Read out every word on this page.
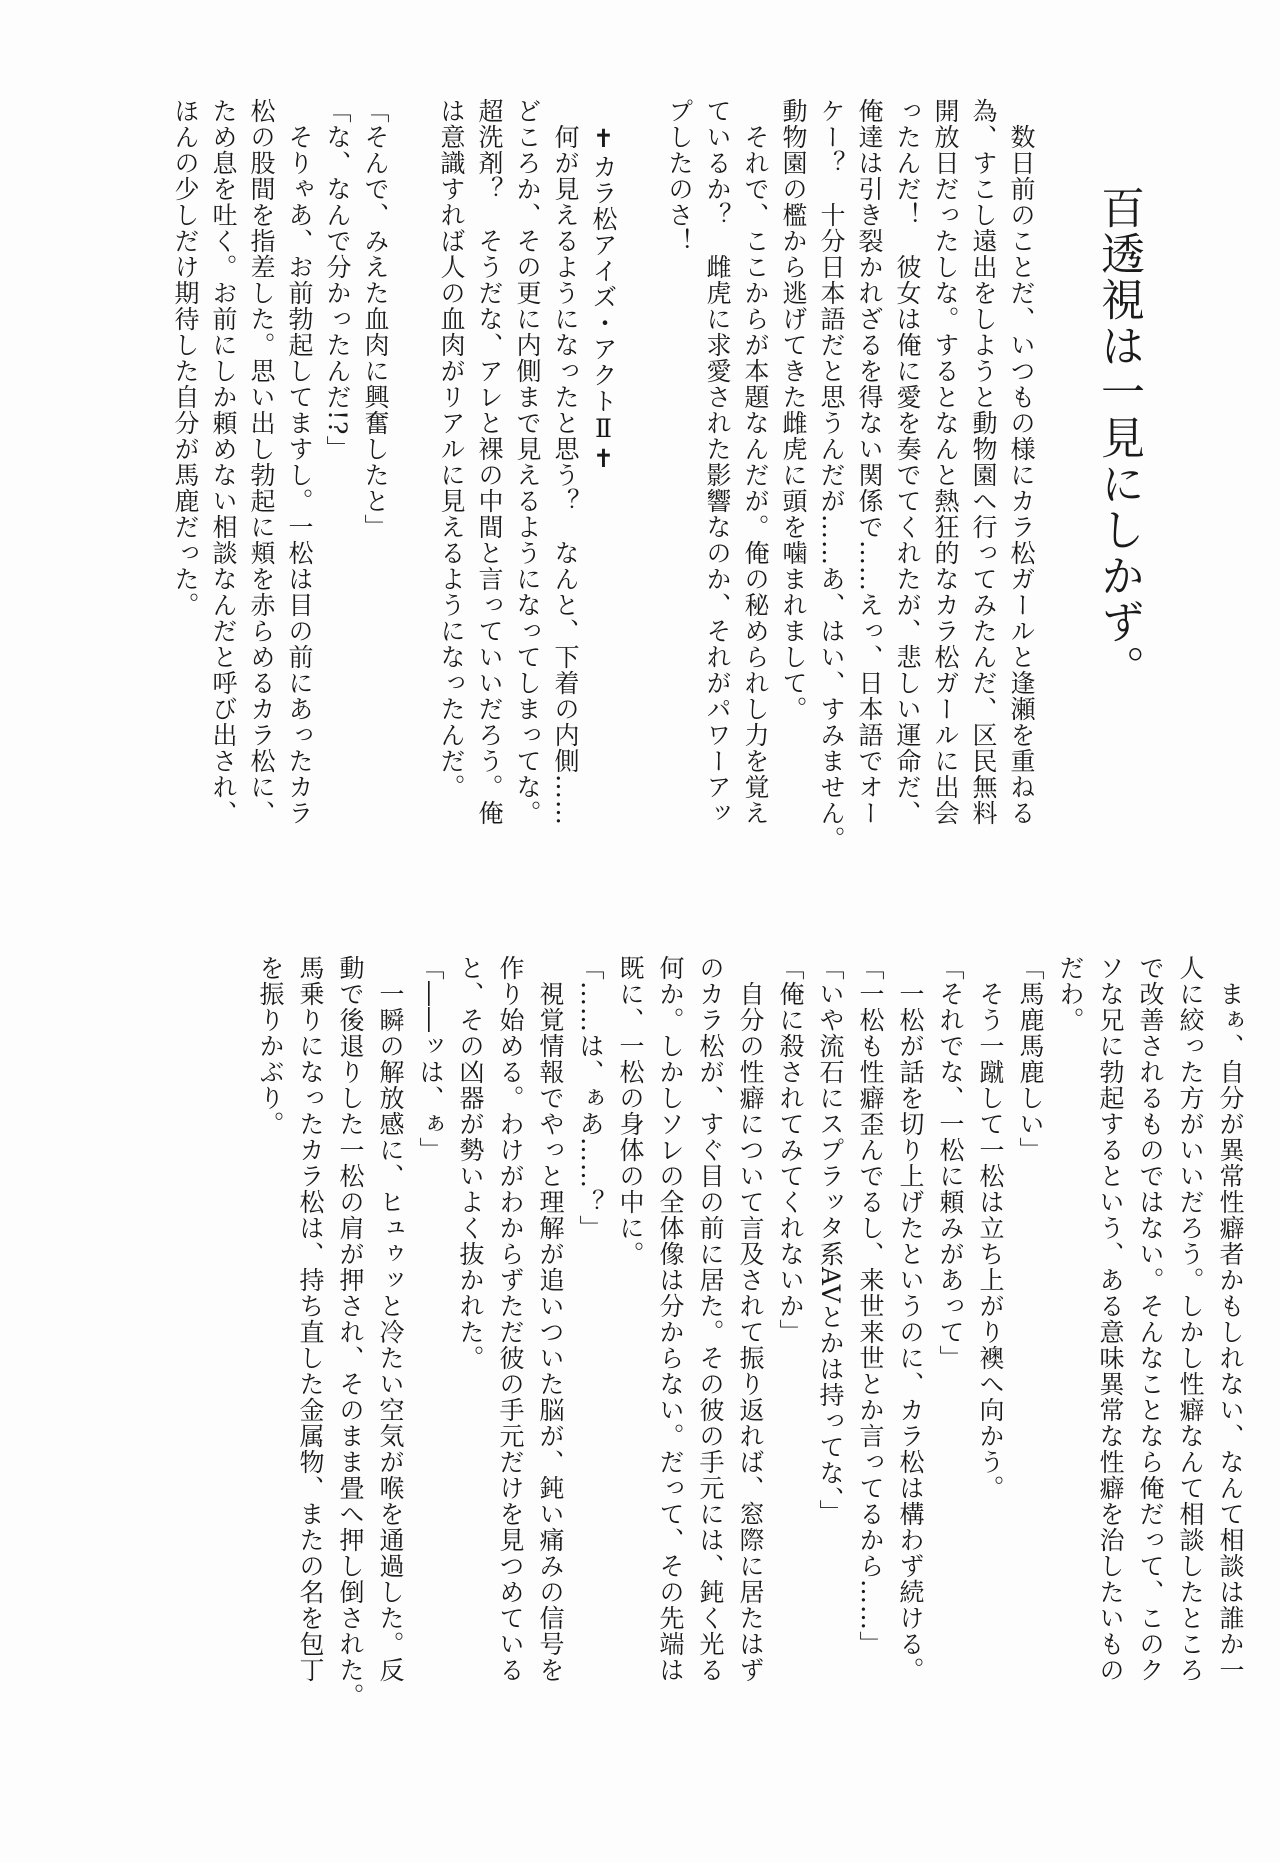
百透視は一見にしかず。
　数日前のことだ、いつもの様にカラ松ガールと逢瀬を重ねる
為、すこし遠出をしようと動物園へ行ってみたんだ、区民無料
開放日だったしな。するとなんと熱狂的なカラ松ガールに出会
ったんだ！　彼女は俺に愛を奏でてくれたが、悲しい運命だ、
俺達は引き裂かれざるを得ない関係で……えっ、日本語でオー
ケー？　十分日本語だと思うんだが……あ、はい、すみません。
動物園の檻から逃げてきた雌虎に頭を噛まれまして。
　それで、ここからが本題なんだが。俺の秘められし力を覚え
ているか？　雌虎に求愛された影響なのか、それがパワーアッ
プしたのさ！
　✝カラ松アイズ・アクトⅡ✝
　何が見えるようになったと思う？　なんと、下着の内側……
どころか、その更に内側まで見えるようになってしまってな。
超洗剤？　そうだな、アレと裸の中間と言っていいだろう。俺
は意識すれば人の血肉がリアルに見えるようになったんだ。
「そんで、みえた血肉に興奮したと」
「な、なんで分かったんだ!?」
　そりゃあ、お前勃起してますし。一松は目の前にあったカラ
松の股間を指差した。思い出し勃起に頬を赤らめるカラ松に、
ため息を吐く。お前にしか頼めない相談なんだと呼び出され、
ほんの少しだけ期待した自分が馬鹿だった。
　まぁ、自分が異常性癖者かもしれない、なんて相談は誰か一
人に絞った方がいいだろう。しかし性癖なんて相談したところ
で改善されるものではない。そんなことなら俺だって、このク
ソな兄に勃起するという、ある意味異常な性癖を治したいもの
だわ。
「馬鹿馬鹿しい」
　そう一蹴して一松は立ち上がり襖へ向かう。
「それでな、一松に頼みがあって」
　一松が話を切り上げたというのに、カラ松は構わず続ける。
「一松も性癖歪んでるし、来世来世とか言ってるから……」
「いや流石にスプラッタ系AVとかは持ってな、」
「俺に殺されてみてくれないか」
　自分の性癖について言及されて振り返れば、窓際に居たはず
のカラ松が、すぐ目の前に居た。その彼の手元には、鈍く光る
何か。しかしソレの全体像は分からない。だって、その先端は
既に、一松の身体の中に。
「……は、ぁあ……？」
　視覚情報でやっと理解が追いついた脳が、鈍い痛みの信号を
作り始める。わけがわからずただ彼の手元だけを見つめている
と、その凶器が勢いよく抜かれた。
「――ッは、ぁ」
　一瞬の解放感に、ヒュゥッと冷たい空気が喉を通過した。反
動で後退りした一松の肩が押され、そのまま畳へ押し倒された。
馬乗りになったカラ松は、持ち直した金属物、またの名を包丁
を振りかぶり。
